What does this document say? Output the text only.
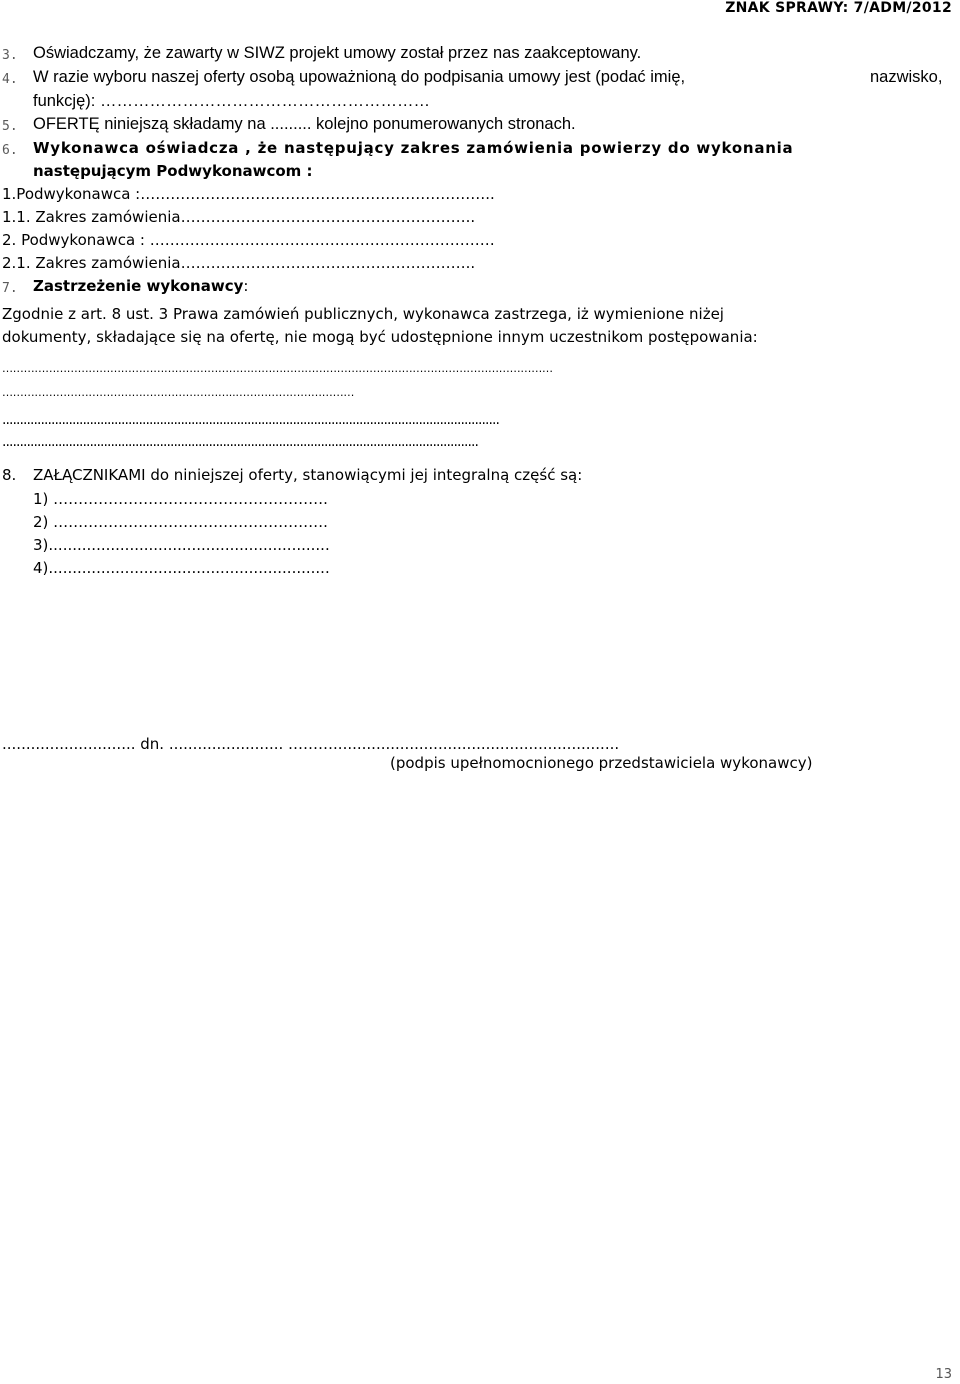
ZNAK SPRAWY: 7/ADM/2012
3. Oświadczamy, że zawarty w SIWZ projekt umowy został przez nas zaakceptowany.
4. W razie wyboru naszej oferty osobą upoważnioną do podpisania umowy jest (podać imię,	nazwisko,
funkcję): ……………………………………………………
5. OFERTĘ niniejszą składamy na ......... kolejno ponumerowanych stronach.
6. Wykonawca oświadcza , że następujący zakres zamówienia powierzy do wykonania
następującym Podwykonawcom :
1.Podwykonawca :……………………………………………………………..
1.1. Zakres zamówienia…………………………………………………..
2. Podwykonawca : ……………………………………………………………
2.1. Zakres zamówienia…………………………………………………..
7. Zastrzeżenie wykonawcy:
Zgodnie z art. 8 ust. 3 Prawa zamówień publicznych, wykonawca zastrzega, iż wymienione niżej
dokumenty, składające się na ofertę, nie mogą być udostępnione innym uczestnikom postępowania:
………………………………………………………………………………………………………………………………………
………………………………………………………..……………………………
..............................................................................................................................................
........................................................................................................................................
8. ZAŁĄCZNIKAMI do niniejszej oferty, stanowiącymi jej integralną część są:
1) ……………………………………………….
2) ……………………………………………….
3)...........................................................
4)...........................................................
............................ dn. ........................ ………............................................................
(podpis upełnomocnionego przedstawiciela wykonawcy)
13
